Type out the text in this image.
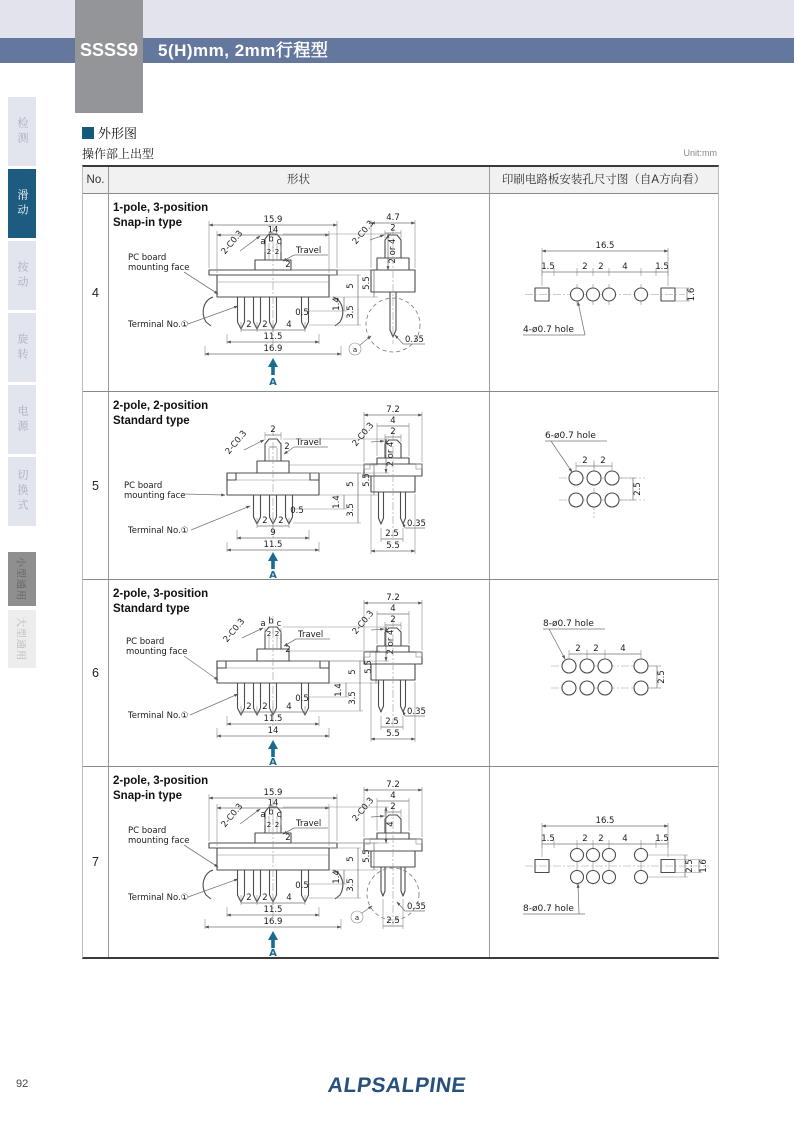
SSSS9 5(H)mm, 2mm行程型
检测
滑动
按动
旋转
电源
切换式
小型通用
大型通用
外形图
操作部上出型	Unit:mm
No.	形状	印刷电路板安装孔尺寸图（自A方向看）
4
1-pole, 3-position
Snap-in type	15.9
14
a b c
2 2 Travel
2
2-C0.3	2 or 4
5 5.5
1.4
3.5
0.5
2 2 4
11.5
16.9
PC board
mounting face
Terminal No.①
A
a
0.35
4.7
2
2-C0.3	16.5
1.5	2 2 4	1.5
1.6
4-ø0.7 hole
5
2-pole, 2-position
Standard type
2
2 Travel
2-C0.3	2 or 4
5 5.5
1.4
3.5
0.5
2 2
9
11.5
PC board
mounting face
Terminal No.①
A
7.2
4
2
2-C0.3
0.35
2.5
5.5
2 2
2.5
6-ø0.7 hole
6
2-pole, 3-position
Standard type
a b c
2 2 Travel
2
2-C0.3	2 or 4
5 5.5
1.4
3.5
0.5
2 2 4
11.5
14
PC board
mounting face
Terminal No.①
A
7.2
4
2
2-C0.3
0.35
2.5
5.5
2 2	4
2.5
8-ø0.7 hole
7
2-pole, 3-position
Snap-in type	15.9
14
a b c
2 2 Travel
2
2-C0.3	4
5 5.5
1.4
3.5
0.5
2 2 4
11.5
16.9
PC board
mounting face
Terminal No.①
A
7.2
4
2
2-C0.3
a
0.35
2.5
16.5
1.5	2 2 4	1.5
2.5 1.6
8-ø0.7 hole
92	ALPSALPINE
